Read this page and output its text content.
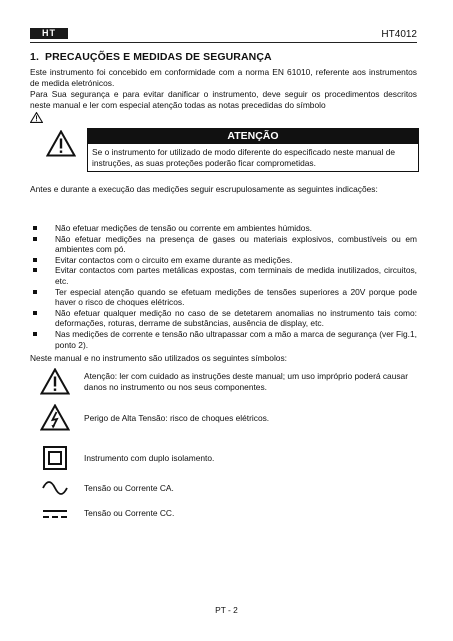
HT	HT4012
1. PRECAUÇÕES E MEDIDAS DE SEGURANÇA
Este instrumento foi concebido em conformidade com a norma EN 61010, referente aos instrumentos de medida eletrónicos.
Para Sua segurança e para evitar danificar o instrumento, deve seguir os procedimentos descritos neste manual e ler com especial atenção todas as notas precedidas do símbolo
ATENÇÃO
Se o instrumento for utilizado de modo diferente do especificado neste manual de instruções, as suas proteções poderão ficar comprometidas.
Antes e durante a execução das medições seguir escrupulosamente as seguintes indicações:
Não efetuar medições de tensão ou corrente em ambientes húmidos.
Não efetuar medições na presença de gases ou materiais explosivos, combustíveis ou em ambientes com pó.
Evitar contactos com o circuito em exame durante as medições.
Evitar contactos com partes metálicas expostas, com terminais de medida inutilizados, circuitos, etc.
Ter especial atenção quando se efetuam medições de tensões superiores a 20V porque pode haver o risco de choques elétricos.
Não efetuar qualquer medição no caso de se detetarem anomalias no instrumento tais como: deformações, roturas, derrame de substâncias, ausência de display, etc.
Nas medições de corrente e tensão não ultrapassar com a mão a marca de segurança (ver Fig.1, ponto 2).
Neste manual e no instrumento são utilizados os seguintes símbolos:
Atenção: ler com cuidado as instruções deste manual; um uso impróprio poderá causar danos no instrumento ou nos seus componentes.
Perigo de Alta Tensão: risco de choques elétricos.
Instrumento com duplo isolamento.
Tensão ou Corrente CA.
Tensão ou Corrente CC.
PT - 2
